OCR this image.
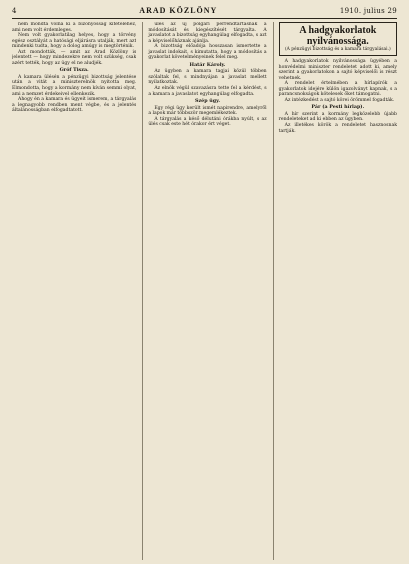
4	ARAD KÖZLÖNY	1910. julius 29

nem mondta volna ki a bizonyosság kitételéhez, ami nem volt érdemleges.

Nem volt gyakorlatilag helyes, hogy a törvény egész osztályát a hatósági eljárásra utalják, mert azt mindenki tudta, hogy a dolog amúgy is megtörténik.

Azt mondották, — amit az Arad Közlöny is jelentett — hogy mindezekre nem volt szükség, csak azért tették, hogy az ügy el ne aludjék.

Gróf Tisza.

A kamara ülésén a pénzügyi bizottság jelentése után a vitát a miniszterelnök nyitotta meg. Elmondotta, hogy a kormány nem kíván semmi olyat, ami a nemzet érdekeivel ellenkezik.

Ahogy én a kamara és ügyeit ismerem, a tárgyalás a legnagyobb rendben ment végbe, és a jelentés általánosságban elfogadtatott.

ülés az új polgári perrendtartásnak a módosítását és kiegészítését tárgyalta. A javaslatot a bizottság egyhangúlag elfogadta, s azt a képviselőháznak ajánlja.

A bizottság előadója hosszasan ismertette a javaslat indokait, s kimutatta, hogy a módosítás a gyakorlat követelményeinek felel meg.

Határ Károly.

Az ügyben a kamara tagjai közül többen szólaltak fel, s mindnyájan a javaslat mellett nyilatkoztak.

Az elnök végül szavazásra tette fel a kérdést, s a kamara a javaslatot egyhangúlag elfogadta.

Szép ügy.

Egy régi ügy került ismét napirendre, amelyről a lapok már többször megemlékeztek.

A tárgyalás a késő délutáni órákba nyúlt, s az ülés csak este hét órakor ért véget.

A hadgyakorlatok
nyilvánossága.
(A pénzügyi bizottság és a kamara tárgyalásai.)

A hadgyakorlatok nyilvánossága ügyében a honvédelmi miniszter rendeletet adott ki, amely szerint a gyakorlatokon a sajtó képviselői is részt vehetnek.

A rendelet értelmében a hírlapírók a gyakorlatok idejére külön igazolványt kapnak, s a parancsnokságok kötelesek őket támogatni.

Az intézkedést a sajtó körei örömmel fogadták.

Pár (a Pesti hírlap).

A hír szerint a kormány legközelebb újabb rendeleteket ad ki ebben az ügyben.

Az illetékes körök a rendeletet hasznosnak tartják.
